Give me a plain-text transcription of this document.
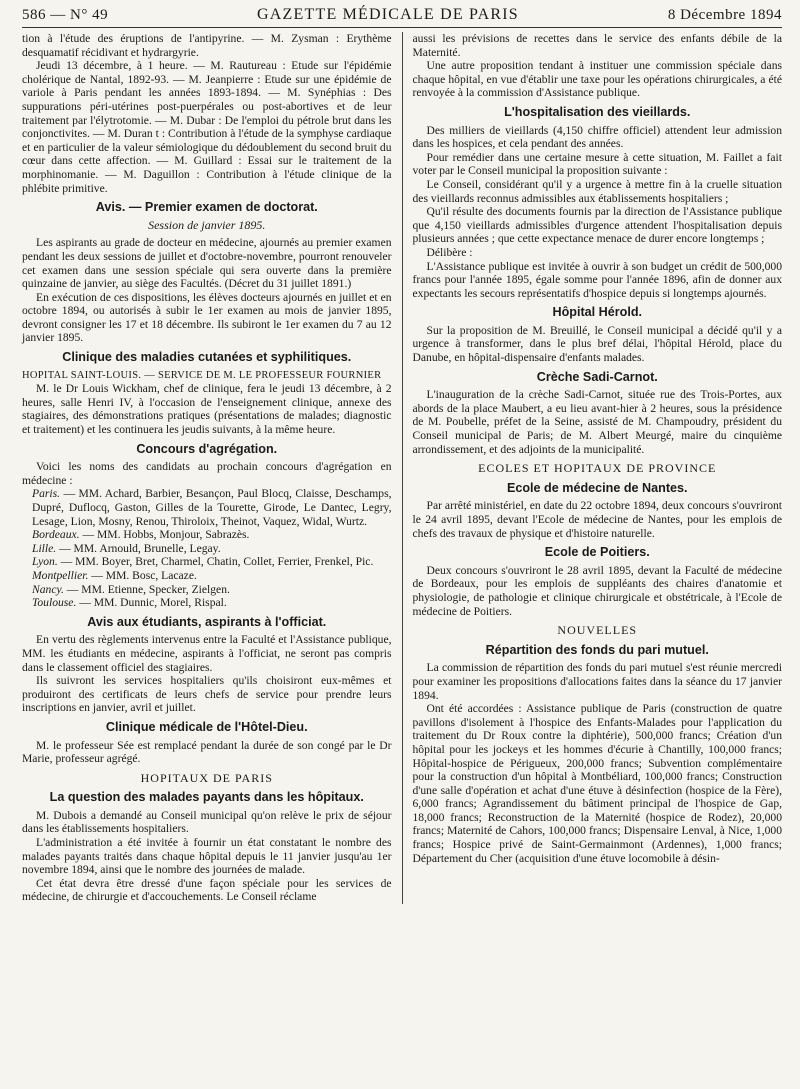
586 — N° 49	GAZETTE MÉDICALE DE PARIS	8 Décembre 1894

tion à l'étude des éruptions de l'antipyrine. — M. Zysman : Erythème desquamatif récidivant et hydrargyrie.

Jeudi 13 décembre, à 1 heure. — M. Rautureau : Etude sur l'épidémie cholérique de Nantal, 1892-93. — M. Jeanpierre : Etude sur une épidémie de variole à Paris pendant les années 1893-1894. — M. Synéphias : Des suppurations péri-utérines post-puerpérales ou post-abortives et de leur traitement par l'élytrotomie. — M. Dubar : De l'emploi du pétrole brut dans les conjonctivites. — M. Duran t : Contribution à l'étude de la symphyse cardiaque et en particulier de la valeur sémiologique du dédoublement du second bruit du cœur dans cette affection. — M. Guillard : Essai sur le traitement de la morphinomanie. — M. Daguillon : Contribution à l'étude clinique de la phlébite primitive.

Avis. — Premier examen de doctorat.
Session de janvier 1895.

Les aspirants au grade de docteur en médecine, ajournés au premier examen pendant les deux sessions de juillet et d'octobre-novembre, pourront renouveler cet examen dans une session spéciale qui sera ouverte dans la première quinzaine de janvier, au siège des Facultés. (Décret du 31 juillet 1891.)

En exécution de ces dispositions, les élèves docteurs ajournés en juillet et en octobre 1894, ou autorisés à subir le 1er examen au mois de janvier 1895, devront consigner les 17 et 18 décembre. Ils subiront le 1er examen du 7 au 12 janvier 1895.

Clinique des maladies cutanées et syphilitiques.

HOPITAL SAINT-LOUIS. — SERVICE DE M. LE PROFESSEUR FOURNIER

M. le Dr Louis Wickham, chef de clinique, fera le jeudi 13 décembre, à 2 heures, salle Henri IV, à l'occasion de l'enseignement clinique, annexe des stagiaires, des démonstrations pratiques (présentations de malades; diagnostic et traitement) et les continuera les jeudis suivants, à la même heure.

Concours d'agrégation.

Voici les noms des candidats au prochain concours d'agrégation en médecine :

Paris. — MM. Achard, Barbier, Besançon, Paul Blocq, Claisse, Deschamps, Dupré, Duflocq, Gaston, Gilles de la Tourette, Girode, Le Dantec, Legry, Lesage, Lion, Mosny, Renou, Thiroloix, Theinot, Vaquez, Widal, Wurtz.

Bordeaux. — MM. Hobbs, Monjour, Sabrazès.

Lille. — MM. Arnould, Brunelle, Legay.

Lyon. — MM. Boyer, Bret, Charmel, Chatin, Collet, Ferrier, Frenkel, Pic.

Montpellier. — MM. Bosc, Lacaze.

Nancy. — MM. Etienne, Specker, Zielgen.

Toulouse. — MM. Dunnic, Morel, Rispal.

Avis aux étudiants, aspirants à l'officiat.

En vertu des règlements intervenus entre la Faculté et l'Assistance publique, MM. les étudiants en médecine, aspirants à l'officiat, ne seront pas compris dans le classement officiel des stagiaires.

Ils suivront les services hospitaliers qu'ils choisiront eux-mêmes et produiront des certificats de leurs chefs de service pour prendre leurs inscriptions en janvier, avril et juillet.

Clinique médicale de l'Hôtel-Dieu.

M. le professeur Sée est remplacé pendant la durée de son congé par le Dr Marie, professeur agrégé.

HOPITAUX DE PARIS
La question des malades payants dans les hôpitaux.

M. Dubois a demandé au Conseil municipal qu'on relève le prix de séjour dans les établissements hospitaliers.

L'administration a été invitée à fournir un état constatant le nombre des malades payants traités dans chaque hôpital depuis le 11 janvier jusqu'au 1er novembre 1894, ainsi que le nombre des journées de malade.

Cet état devra être dressé d'une façon spéciale pour les services de médecine, de chirurgie et d'accouchements. Le Conseil réclame

aussi les prévisions de recettes dans le service des enfants débile de la Maternité.

Une autre proposition tendant à instituer une commission spéciale dans chaque hôpital, en vue d'établir une taxe pour les opérations chirurgicales, a été renvoyée à la commission d'Assistance publique.

L'hospitalisation des vieillards.

Des milliers de vieillards (4,150 chiffre officiel) attendent leur admission dans les hospices, et cela pendant des années.

Pour remédier dans une certaine mesure à cette situation, M. Faillet a fait voter par le Conseil municipal la proposition suivante :

Le Conseil, considérant qu'il y a urgence à mettre fin à la cruelle situation des vieillards reconnus admissibles aux établissements hospitaliers ;

Qu'il résulte des documents fournis par la direction de l'Assistance publique que 4,150 vieillards admissibles d'urgence attendent l'hospitalisation depuis plusieurs années ; que cette expectance menace de durer encore longtemps ;

Délibère :

L'Assistance publique est invitée à ouvrir à son budget un crédit de 500,000 francs pour l'année 1895, égale somme pour l'année 1896, afin de donner aux expectants les secours représentatifs d'hospice depuis si longtemps ajournés.

Hôpital Hérold.

Sur la proposition de M. Breuillé, le Conseil municipal a décidé qu'il y a urgence à transformer, dans le plus bref délai, l'hôpital Hérold, place du Danube, en hôpital-dispensaire d'enfants malades.

Crèche Sadi-Carnot.

L'inauguration de la crèche Sadi-Carnot, située rue des Trois-Portes, aux abords de la place Maubert, a eu lieu avant-hier à 2 heures, sous la présidence de M. Poubelle, préfet de la Seine, assisté de M. Champoudry, président du Conseil municipal de Paris; de M. Albert Meurgé, maire du cinquième arrondissement, et des adjoints de la municipalité.

ECOLES ET HOPITAUX DE PROVINCE
Ecole de médecine de Nantes.

Par arrêté ministériel, en date du 22 octobre 1894, deux concours s'ouvriront le 24 avril 1895, devant l'Ecole de médecine de Nantes, pour les emplois de chefs des travaux de physique et d'histoire naturelle.

Ecole de Poitiers.

Deux concours s'ouvriront le 28 avril 1895, devant la Faculté de médecine de Bordeaux, pour les emplois de suppléants des chaires d'anatomie et physiologie, de pathologie et clinique chirurgicale et obstétricale, à l'Ecole de médecine de Poitiers.

NOUVELLES
Répartition des fonds du pari mutuel.

La commission de répartition des fonds du pari mutuel s'est réunie mercredi pour examiner les propositions d'allocations faites dans la séance du 17 janvier 1894.

Ont été accordées : Assistance publique de Paris (construction de quatre pavillons d'isolement à l'hospice des Enfants-Malades pour l'application du traitement du Dr Roux contre la diphtérie), 500,000 francs; Création d'un hôpital pour les jockeys et les hommes d'écurie à Chantilly, 100,000 francs; Hôpital-hospice de Périgueux, 200,000 francs; Subvention complémentaire pour la construction d'un hôpital à Montbéliard, 100,000 francs; Construction d'une salle d'opération et achat d'une étuve à désinfection (hospice de la Fère), 6,000 francs; Agrandissement du bâtiment principal de l'hospice de Gap, 18,000 francs; Reconstruction de la Maternité (hospice de Rodez), 20,000 francs; Maternité de Cahors, 100,000 francs; Dispensaire Lenval, à Nice, 1,000 francs; Hospice privé de Saint-Germainmont (Ardennes), 1,000 francs; Département du Cher (acquisition d'une étuve locomobile à désin-
